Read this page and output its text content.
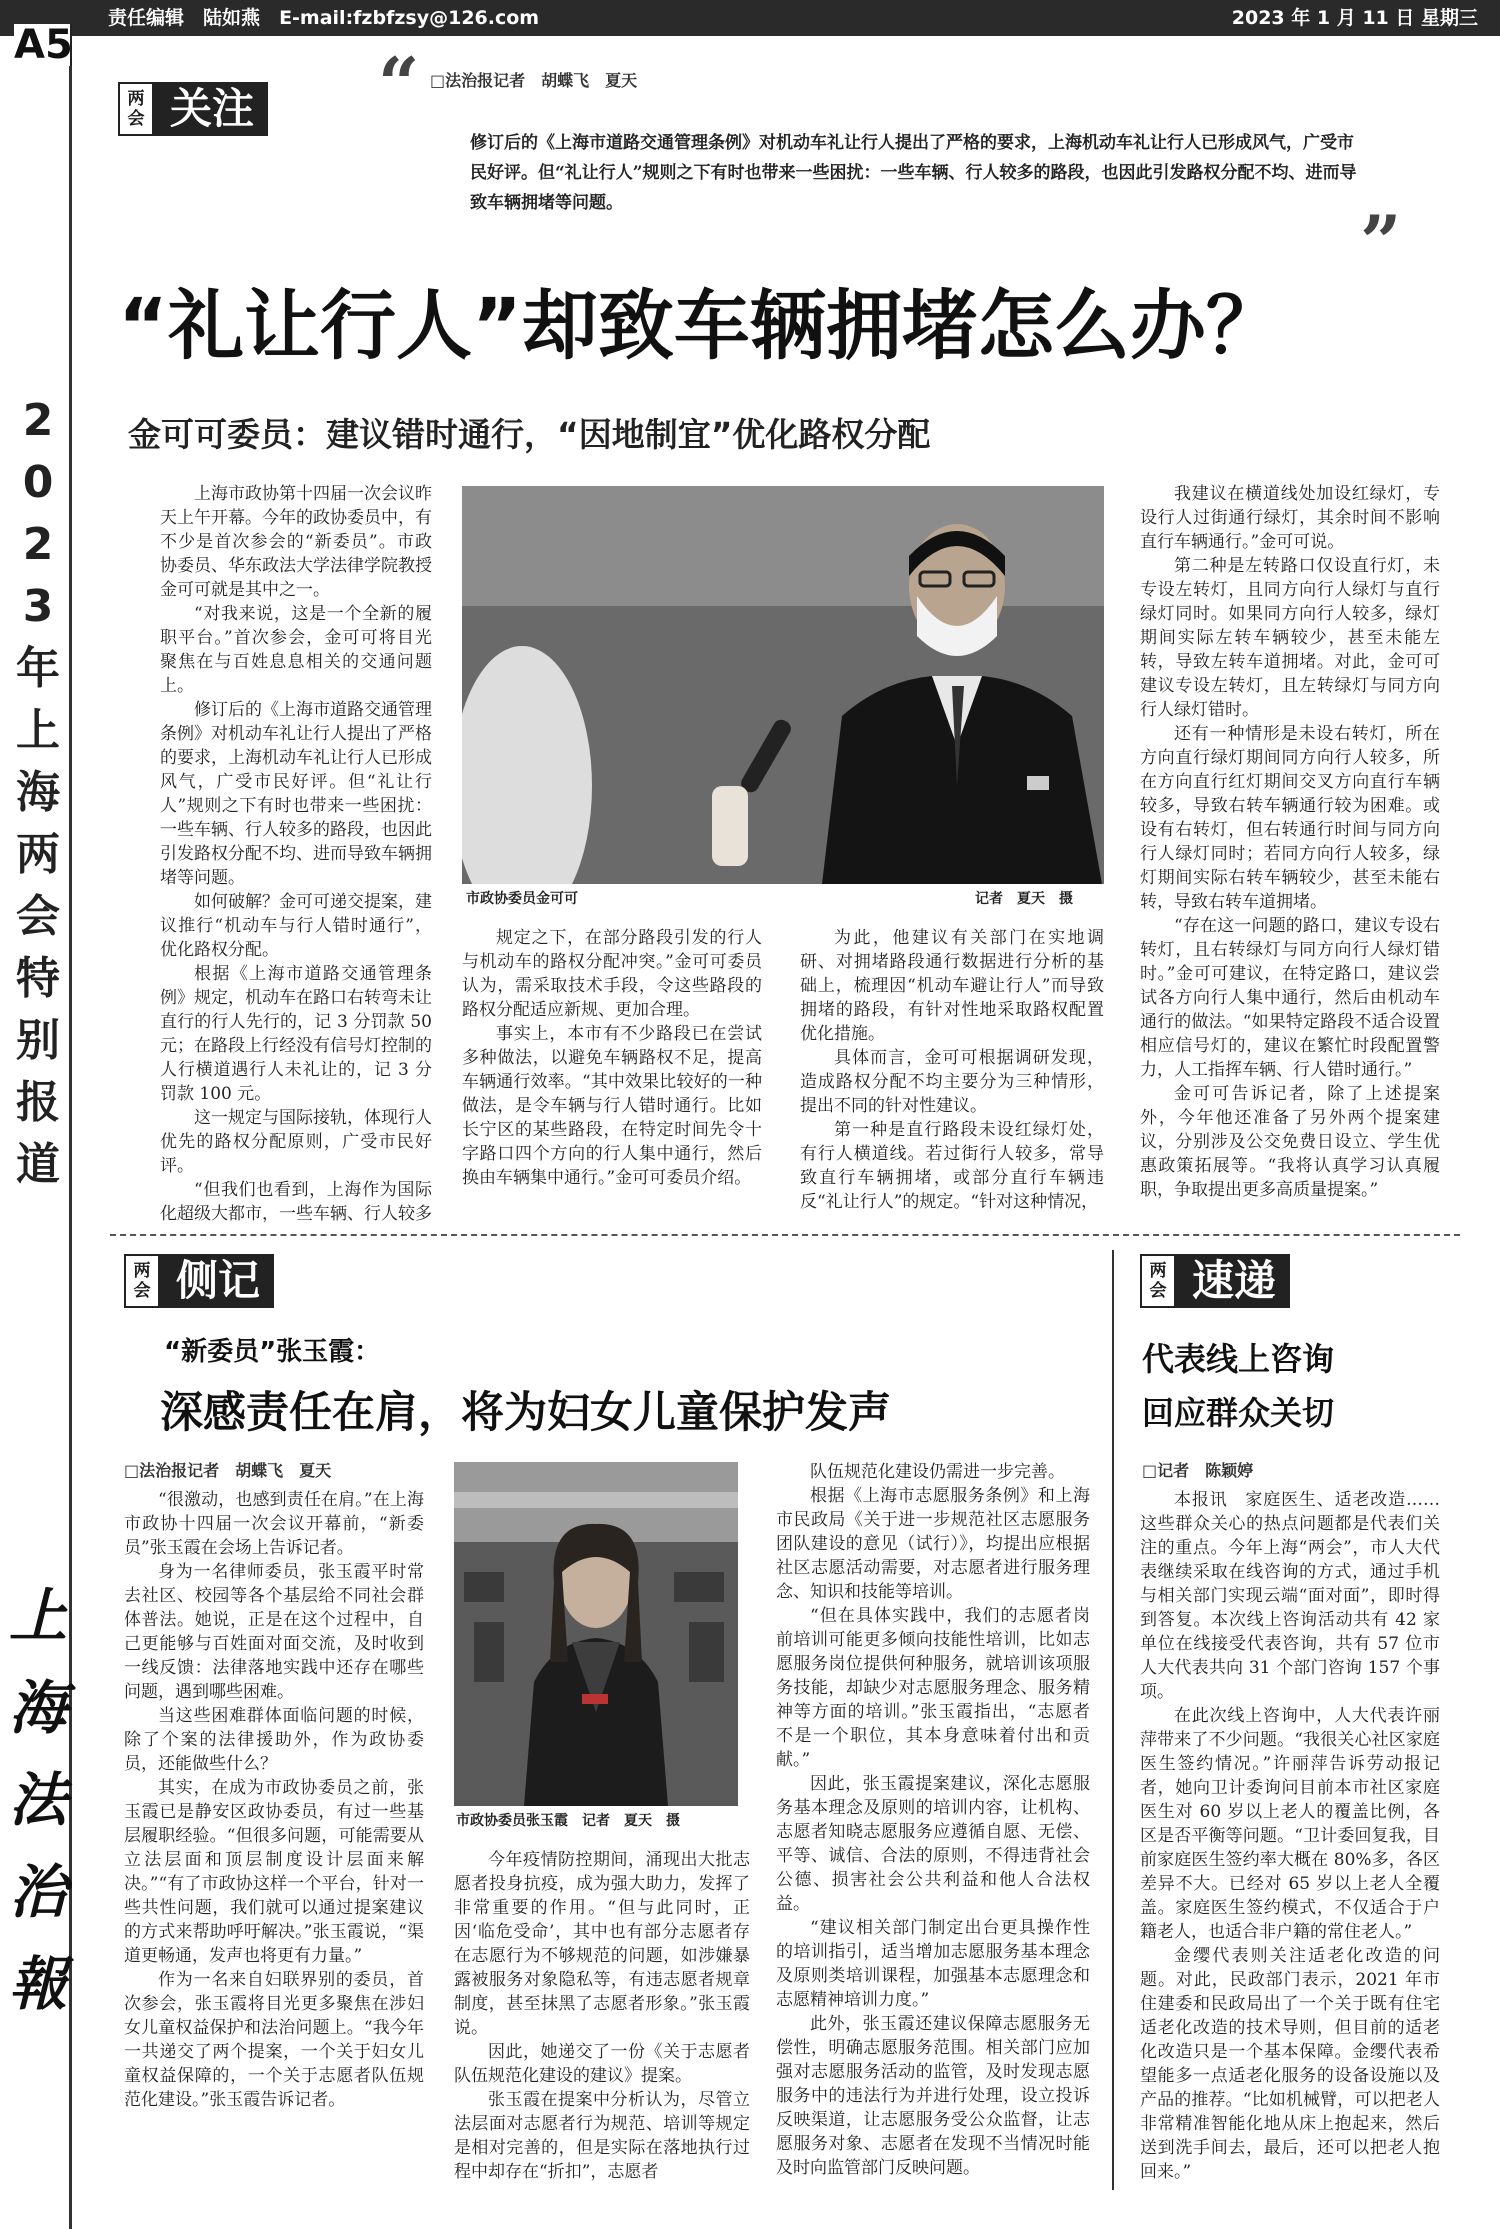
责任编辑　 陆如燕　 E-mail:fzbfzsy@126.com	2023 年 1 月 11 日 星期三
A5
2
0
2
3
年
上
海
两
会
特
别
报
道
上
海
法
治
報
两
会 关注 “ □法治报记者　胡蝶飞　夏天
修订后的《上海市道路交通管理条例》对机动车礼让行人提出了严格的要求，上海机动车礼让行人已形成风气，广受市民好评。但“礼让行人”规则之下有时也带来一些困扰：一些车辆、行人较多的路段，也因此引发路权分配不均、进而导致车辆拥堵等问题。	”
“礼让行人”却致车辆拥堵怎么办？
金可可委员：建议错时通行，“因地制宜”优化路权分配

上海市政协第十四届一次会议昨天上午开幕。今年的政协委员中，有不少是首次参会的“新委员”。市政协委员、华东政法大学法律学院教授金可可就是其中之一。

“对我来说，这是一个全新的履职平台。”首次参会，金可可将目光聚焦在与百姓息息相关的交通问题上。

修订后的《上海市道路交通管理条例》对机动车礼让行人提出了严格的要求，上海机动车礼让行人已形成风气，广受市民好评。但“礼让行人”规则之下有时也带来一些困扰：一些车辆、行人较多的路段，也因此引发路权分配不均、进而导致车辆拥堵等问题。

如何破解？金可可递交提案，建议推行“机动车与行人错时通行”，优化路权分配。

根据《上海市道路交通管理条例》规定，机动车在路口右转弯未让直行的行人先行的，记 3 分罚款 50 元；在路段上行经没有信号灯控制的人行横道遇行人未礼让的，记 3 分罚款 100 元。

这一规定与国际接轨，体现行人优先的路权分配原则，广受市民好评。

“但我们也看到，上海作为国际化超级大都市，一些车辆、行人较多

市政协委员金可可	记者　夏天　摄

规定之下，在部分路段引发的行人与机动车的路权分配冲突。”金可可委员认为，需采取技术手段，令这些路段的路权分配适应新规、更加合理。

事实上，本市有不少路段已在尝试多种做法，以避免车辆路权不足，提高车辆通行效率。“其中效果比较好的一种做法，是令车辆与行人错时通行。比如长宁区的某些路段，在特定时间先令十字路口四个方向的行人集中通行，然后换由车辆集中通行。”金可可委员介绍。

为此，他建议有关部门在实地调研、对拥堵路段通行数据进行分析的基础上，梳理因“机动车避让行人”而导致拥堵的路段，有针对性地采取路权配置优化措施。

具体而言，金可可根据调研发现，造成路权分配不均主要分为三种情形，提出不同的针对性建议。

第一种是直行路段未设红绿灯处，有行人横道线。若过街行人较多，常导致直行车辆拥堵，或部分直行车辆违反“礼让行人”的规定。“针对这种情况，

我建议在横道线处加设红绿灯，专设行人过街通行绿灯，其余时间不影响直行车辆通行。”金可可说。

第二种是左转路口仅设直行灯，未专设左转灯，且同方向行人绿灯与直行绿灯同时。如果同方向行人较多，绿灯期间实际左转车辆较少，甚至未能左转，导致左转车道拥堵。对此，金可可建议专设左转灯，且左转绿灯与同方向行人绿灯错时。

还有一种情形是未设右转灯，所在方向直行绿灯期间同方向行人较多，所在方向直行红灯期间交叉方向直行车辆较多，导致右转车辆通行较为困难。或设有右转灯，但右转通行时间与同方向行人绿灯同时；若同方向行人较多，绿灯期间实际右转车辆较少，甚至未能右转，导致右转车道拥堵。

“存在这一问题的路口，建议专设右转灯，且右转绿灯与同方向行人绿灯错时。”金可可建议，在特定路口，建议尝试各方向行人集中通行，然后由机动车通行的做法。“如果特定路段不适合设置相应信号灯的，建议在繁忙时段配置警力，人工指挥车辆、行人错时通行。”

金可可告诉记者，除了上述提案外，今年他还准备了另外两个提案建议，分别涉及公交免费日设立、学生优惠政策拓展等。“我将认真学习认真履职，争取提出更多高质量提案。”

两
会 侧记
“新委员”张玉霞：
深感责任在肩，将为妇女儿童保护发声
□法治报记者　胡蝶飞　夏天

“很激动，也感到责任在肩。”在上海市政协十四届一次会议开幕前，“新委员”张玉霞在会场上告诉记者。

身为一名律师委员，张玉霞平时常去社区、校园等各个基层给不同社会群体普法。她说，正是在这个过程中，自己更能够与百姓面对面交流，及时收到一线反馈：法律落地实践中还存在哪些问题，遇到哪些困难。

当这些困难群体面临问题的时候，除了个案的法律援助外，作为政协委员，还能做些什么？

其实，在成为市政协委员之前，张玉霞已是静安区政协委员，有过一些基层履职经验。“但很多问题，可能需要从立法层面和顶层制度设计层面来解决。”“有了市政协这样一个平台，针对一些共性问题，我们就可以通过提案建议的方式来帮助呼吁解决。”张玉霞说，“渠道更畅通，发声也将更有力量。”

作为一名来自妇联界别的委员，首次参会，张玉霞将目光更多聚焦在涉妇女儿童权益保护和法治问题上。“我今年一共递交了两个提案，一个关于妇女儿童权益保障的，一个关于志愿者队伍规范化建设。”张玉霞告诉记者。

市政协委员张玉霞　 记者　夏天　摄

今年疫情防控期间，涌现出大批志愿者投身抗疫，成为强大助力，发挥了非常重要的作用。“但与此同时，正因‘临危受命’，其中也有部分志愿者存在志愿行为不够规范的问题，如涉嫌暴露被服务对象隐私等，有违志愿者规章制度，甚至抹黑了志愿者形象。”张玉霞说。

因此，她递交了一份《关于志愿者队伍规范化建设的建议》提案。

张玉霞在提案中分析认为，尽管立法层面对志愿者行为规范、培训等规定是相对完善的，但是实际在落地执行过程中却存在“折扣”，志愿者

队伍规范化建设仍需进一步完善。

根据《上海市志愿服务条例》和上海市民政局《关于进一步规范社区志愿服务团队建设的意见（试行）》，均提出应根据社区志愿活动需要，对志愿者进行服务理念、知识和技能等培训。

“但在具体实践中，我们的志愿者岗前培训可能更多倾向技能性培训，比如志愿服务岗位提供何种服务，就培训该项服务技能，却缺少对志愿服务理念、服务精神等方面的培训。”张玉霞指出，“志愿者不是一个职位，其本身意味着付出和贡献。”

因此，张玉霞提案建议，深化志愿服务基本理念及原则的培训内容，让机构、志愿者知晓志愿服务应遵循自愿、无偿、平等、诚信、合法的原则，不得违背社会公德、损害社会公共利益和他人合法权益。

“建议相关部门制定出台更具操作性的培训指引，适当增加志愿服务基本理念及原则类培训课程，加强基本志愿理念和志愿精神培训力度。”

此外，张玉霞还建议保障志愿服务无偿性，明确志愿服务范围。相关部门应加强对志愿服务活动的监管，及时发现志愿服务中的违法行为并进行处理，设立投诉反映渠道，让志愿服务受公众监督，让志愿服务对象、志愿者在发现不当情况时能及时向监管部门反映问题。

两
会 速递
代表线上咨询
回应群众关切
□记者　陈颖婷

本报讯　家庭医生、适老改造……这些群众关心的热点问题都是代表们关注的重点。今年上海“两会”，市人大代表继续采取在线咨询的方式，通过手机与相关部门实现云端“面对面”，即时得到答复。本次线上咨询活动共有 42 家单位在线接受代表咨询，共有 57 位市人大代表共向 31 个部门咨询 157 个事项。

在此次线上咨询中，人大代表许丽萍带来了不少问题。“我很关心社区家庭医生签约情况。”许丽萍告诉劳动报记者，她向卫计委询问目前本市社区家庭医生对 60 岁以上老人的覆盖比例，各区是否平衡等问题。“卫计委回复我，目前家庭医生签约率大概在 80%多，各区差异不大。已经对 65 岁以上老人全覆盖。家庭医生签约模式，不仅适合于户籍老人，也适合非户籍的常住老人。”

金缨代表则关注适老化改造的问题。对此，民政部门表示，2021 年市住建委和民政局出了一个关于既有住宅适老化改造的技术导则，但目前的适老化改造只是一个基本保障。金缨代表希望能多一点适老化服务的设备设施以及产品的推荐。“比如机械臂，可以把老人非常精准智能化地从床上抱起来，然后送到洗手间去，最后，还可以把老人抱回来。”
